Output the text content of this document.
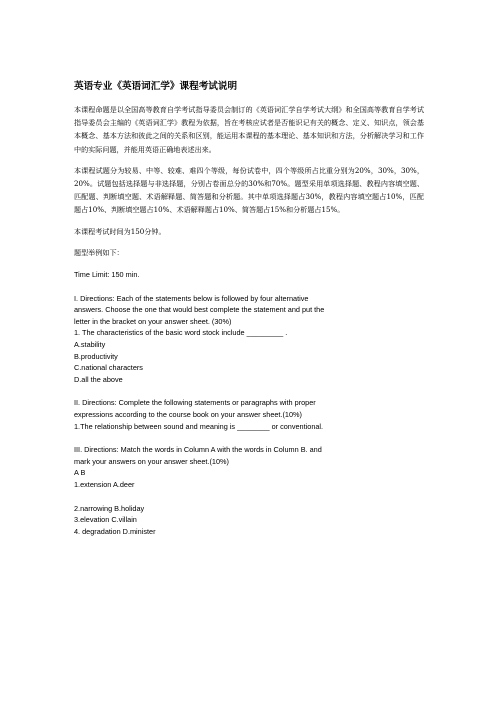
英语专业《英语词汇学》课程考试说明

本课程命题是以全国高等教育自学考试指导委员会制订的《英语词汇学自学考试大纲》和全国高等教育自学考试指导委员会主编的《英语词汇学》教程为依据，旨在考核应试者是否能识记有关的概念、定义、知识点，领会基本概念、基本方法和彼此之间的关系和区别，能运用本课程的基本理论、基本知识和方法，分析解决学习和工作中的实际问题，并能用英语正确地表述出来。

本课程试题分为较易、中等、较难、难四个等级，每份试卷中，四个等级所占比重分别为20%，30%，30%，20%。试题包括选择题与非选择题，分别占卷面总分的30%和70%。题型采用单项选择题、教程内容填空题、匹配题、判断填空题、术语解释题、简答题和分析题。其中单项选择题占30%，教程内容填空题占10%，匹配题占10%、判断填空题占10%、术语解释题占10%、简答题占15%和分析题占15%。

本课程考试时间为150分钟。

题型举例如下：

Time Limit: 150 min.

I. Directions: Each of the statements below is followed by four alternative
answers. Choose the one that would best complete the statement and put the
letter in the bracket on your answer sheet. (30%)
1. The characteristics of the basic word stock include _________ .
A.stability
B.productivity
C.national characters
D.all the above
II. Directions: Complete the following statements or paragraphs with proper
expressions according to the course book on your answer sheet.(10%)
1.The relationship between sound and meaning is ________ or conventional.
III. Directions: Match the words in Column A with the words in Column B. and
mark your answers on your answer sheet.(10%)
A B
1.extension A.deer
2.narrowing B.holiday
3.elevation C.villain
4. degradation D.minister
